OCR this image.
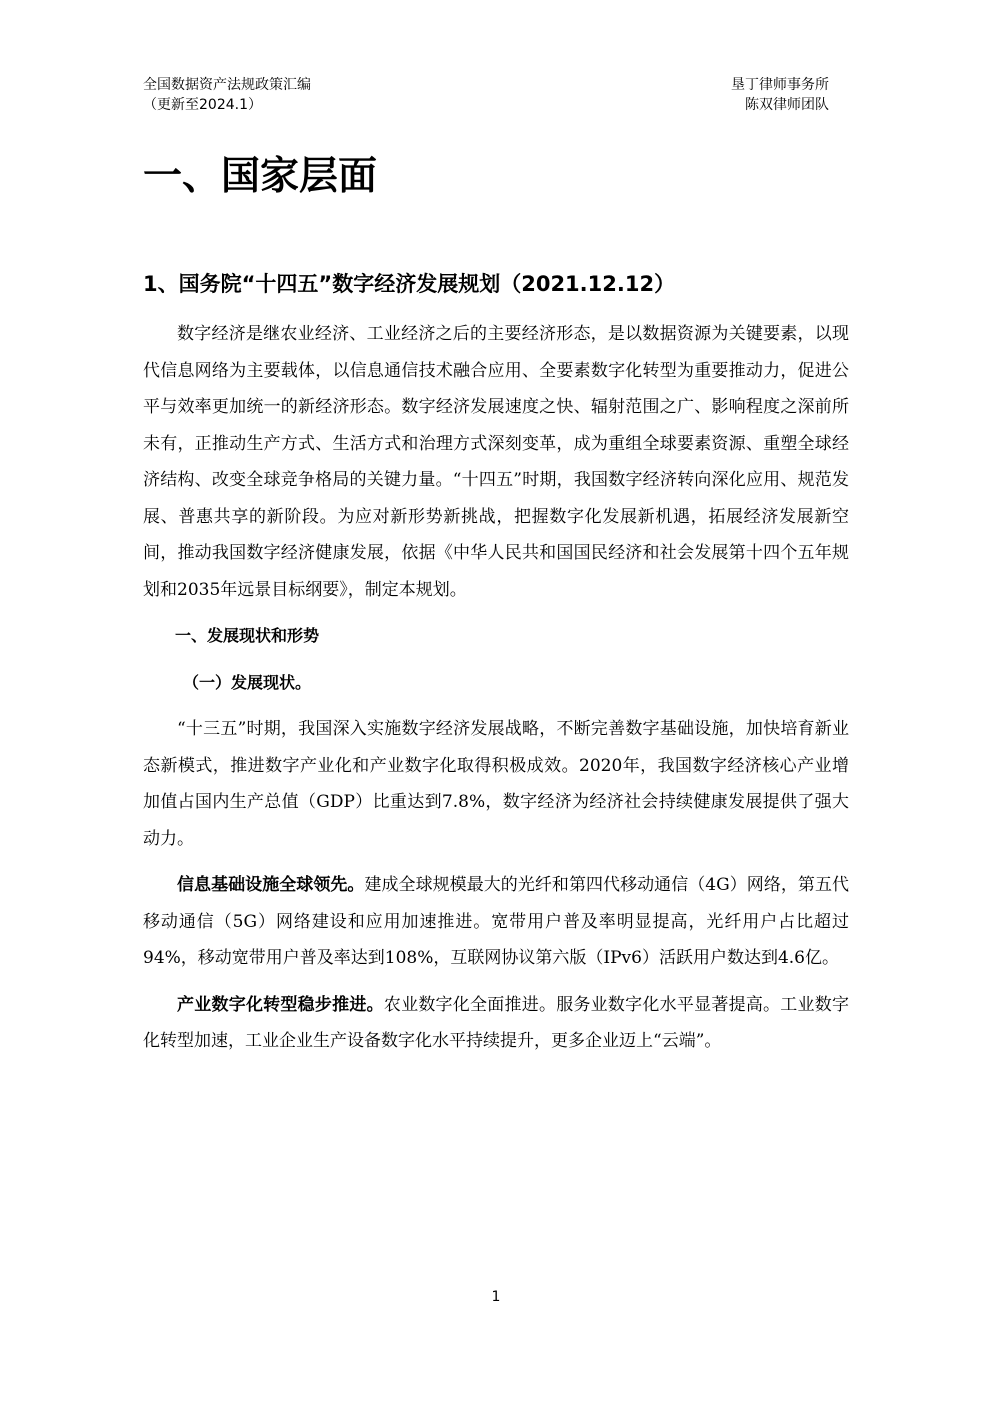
全国数据资产法规政策汇编
（更新至2024.1）
垦丁律师事务所
陈双律师团队
一、国家层面
1、国务院“十四五”数字经济发展规划（2021.12.12）

数字经济是继农业经济、工业经济之后的主要经济形态，是以数据资源为关键要素，以现代信息网络为主要载体，以信息通信技术融合应用、全要素数字化转型为重要推动力，促进公平与效率更加统一的新经济形态。数字经济发展速度之快、辐射范围之广、影响程度之深前所未有，正推动生产方式、生活方式和治理方式深刻变革，成为重组全球要素资源、重塑全球经济结构、改变全球竞争格局的关键力量。“十四五”时期，我国数字经济转向深化应用、规范发展、普惠共享的新阶段。为应对新形势新挑战，把握数字化发展新机遇，拓展经济发展新空间，推动我国数字经济健康发展，依据《中华人民共和国国民经济和社会发展第十四个五年规划和2035年远景目标纲要》，制定本规划。

一、发展现状和形势

（一）发展现状。

“十三五”时期，我国深入实施数字经济发展战略，不断完善数字基础设施，加快培育新业态新模式，推进数字产业化和产业数字化取得积极成效。2020年，我国数字经济核心产业增加值占国内生产总值（GDP）比重达到7.8%，数字经济为经济社会持续健康发展提供了强大动力。

信息基础设施全球领先。建成全球规模最大的光纤和第四代移动通信（4G）网络，第五代移动通信（5G）网络建设和应用加速推进。宽带用户普及率明显提高，光纤用户占比超过94%，移动宽带用户普及率达到108%，互联网协议第六版（IPv6）活跃用户数达到4.6亿。

产业数字化转型稳步推进。农业数字化全面推进。服务业数字化水平显著提高。工业数字化转型加速，工业企业生产设备数字化水平持续提升，更多企业迈上“云端”。

1
